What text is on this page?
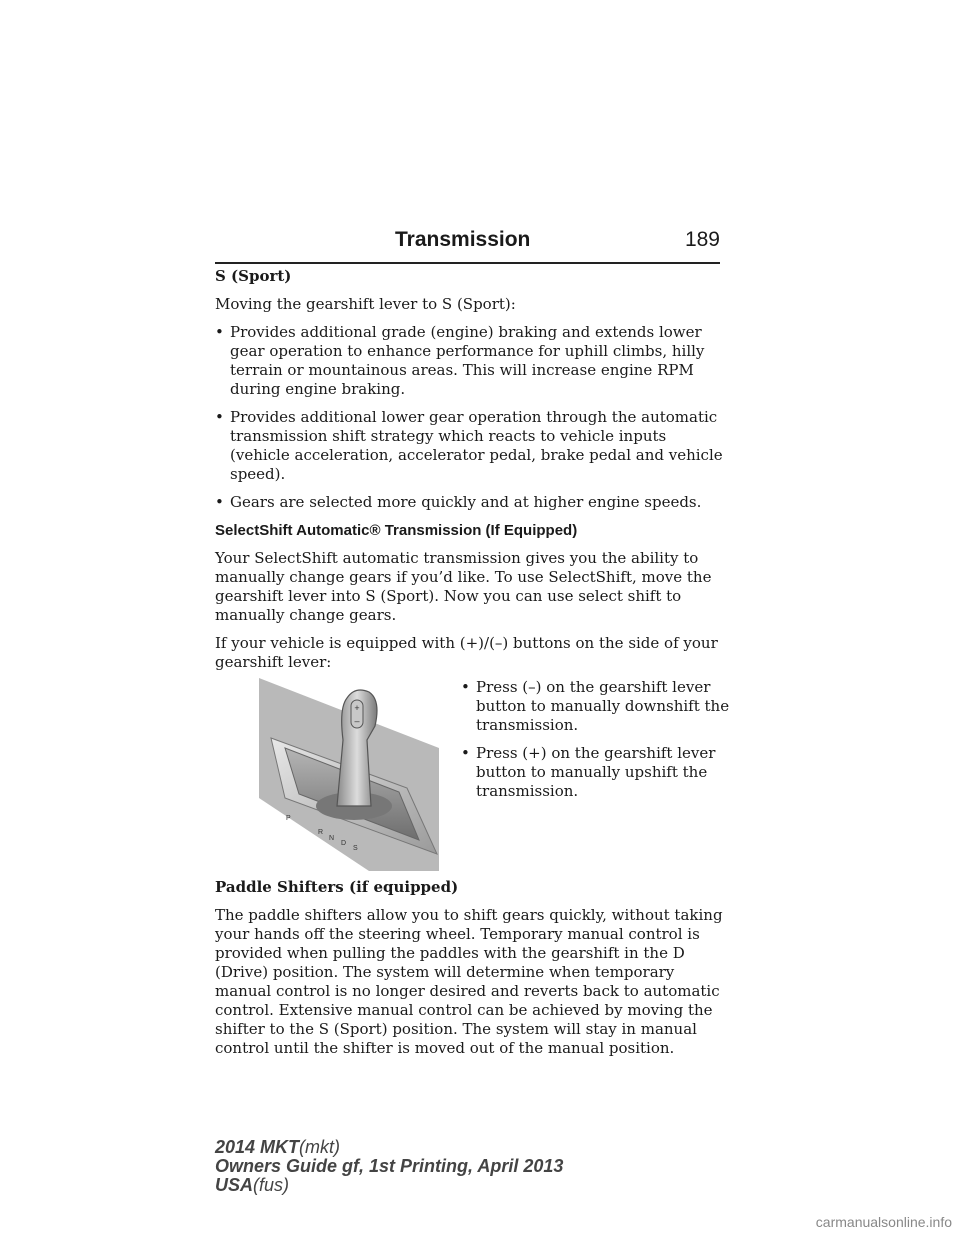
Transmission	189
S (Sport)

Moving the gearshift lever to S (Sport):

• Provides additional grade (engine) braking and extends lower gear operation to enhance performance for uphill climbs, hilly terrain or mountainous areas. This will increase engine RPM during engine braking.
• Provides additional lower gear operation through the automatic transmission shift strategy which reacts to vehicle inputs (vehicle acceleration, accelerator pedal, brake pedal and vehicle speed).
• Gears are selected more quickly and at higher engine speeds.
SelectShift Automatic® Transmission (If Equipped)

Your SelectShift automatic transmission gives you the ability to manually change gears if you’d like. To use SelectShift, move the gearshift lever into S (Sport). Now you can use select shift to manually change gears.

If your vehicle is equipped with (+)/(–) buttons on the side of your gearshift lever:

+
–
P
R
N
D
S
• Press (–) on the gearshift lever button to manually downshift the transmission.
• Press (+) on the gearshift lever button to manually upshift the transmission.
Paddle Shifters (if equipped)

The paddle shifters allow you to shift gears quickly, without taking your hands off the steering wheel. Temporary manual control is provided when pulling the paddles with the gearshift in the D (Drive) position. The system will determine when temporary manual control is no longer desired and reverts back to automatic control. Extensive manual control can be achieved by moving the shifter to the S (Sport) position. The system will stay in manual control until the shifter is moved out of the manual position.

2014 MKT(mkt)
Owners Guide gf, 1st Printing, April 2013
USA(fus)
carmanualsonline.info
